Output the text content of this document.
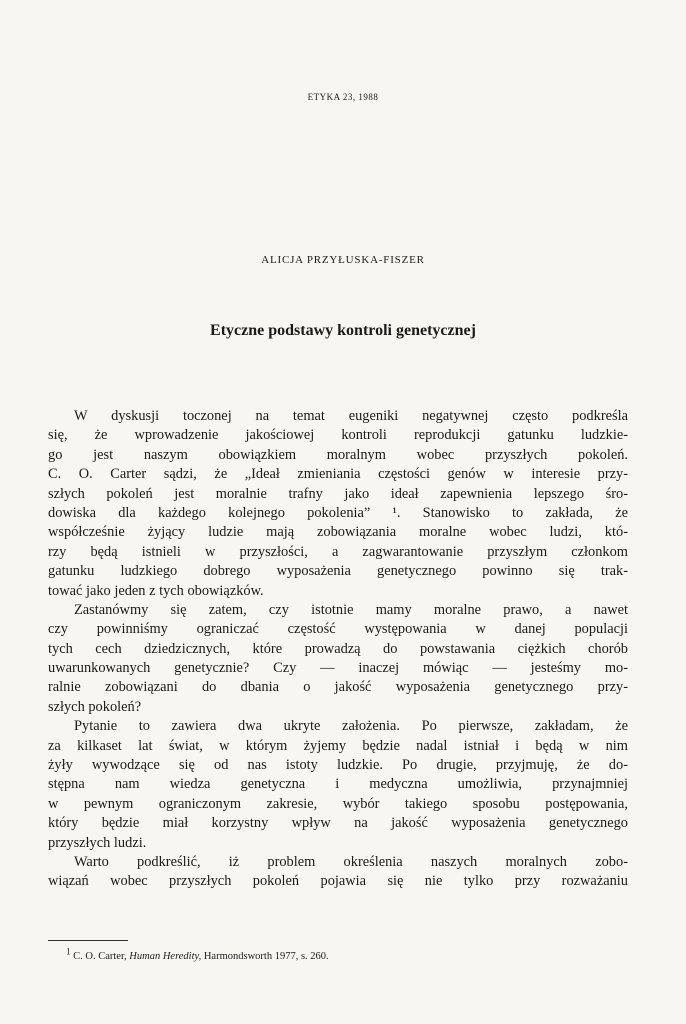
ETYKA 23, 1988
ALICJA PRZYŁUSKA-FISZER
Etyczne podstawy kontroli genetycznej
W dyskusji toczonej na temat eugeniki negatywnej często podkreśla
się, że wprowadzenie jakościowej kontroli reprodukcji gatunku ludzkie-
go jest naszym obowiązkiem moralnym wobec przyszłych pokoleń.
C. O. Carter sądzi, że „Ideał zmieniania częstości genów w interesie przy-
szłych pokoleń jest moralnie trafny jako ideał zapewnienia lepszego śro-
dowiska dla każdego kolejnego pokolenia” ¹. Stanowisko to zakłada, że
współcześnie żyjący ludzie mają zobowiązania moralne wobec ludzi, któ-
rzy będą istnieli w przyszłości, a zagwarantowanie przyszłym członkom
gatunku ludzkiego dobrego wyposażenia genetycznego powinno się trak-
tować jako jeden z tych obowiązków.
Zastanówmy się zatem, czy istotnie mamy moralne prawo, a nawet
czy powinniśmy ograniczać częstość występowania w danej populacji
tych cech dziedzicznych, które prowadzą do powstawania ciężkich chorób
uwarunkowanych genetycznie? Czy — inaczej mówiąc — jesteśmy mo-
ralnie zobowiązani do dbania o jakość wyposażenia genetycznego przy-
szłych pokoleń?
Pytanie to zawiera dwa ukryte założenia. Po pierwsze, zakładam, że
za kilkaset lat świat, w którym żyjemy będzie nadal istniał i będą w nim
żyły wywodzące się od nas istoty ludzkie. Po drugie, przyjmuję, że do-
stępna nam wiedza genetyczna i medyczna umożliwia, przynajmniej
w pewnym ograniczonym zakresie, wybór takiego sposobu postępowania,
który będzie miał korzystny wpływ na jakość wyposażenia genetycznego
przyszłych ludzi.
Warto podkreślić, iż problem określenia naszych moralnych zobo-
wiązań wobec przyszłych pokoleń pojawia się nie tylko przy rozważaniu
$^1$ C. O. Carter, Human Heredity, Harmondsworth 1977, s. 260.
